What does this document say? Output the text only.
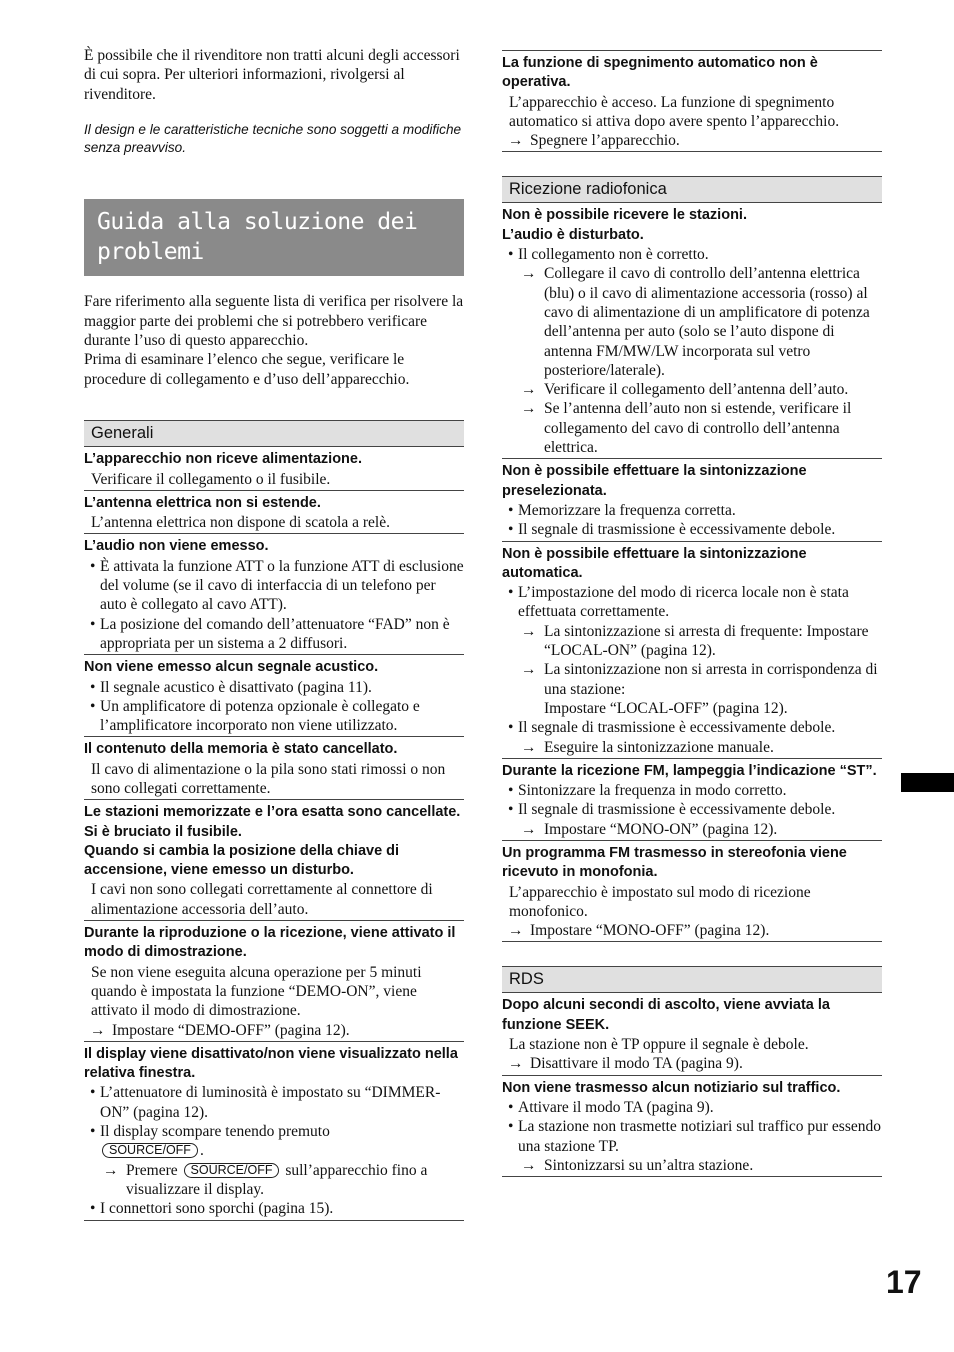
È possibile che il rivenditore non tratti alcuni degli accessori di cui sopra. Per ulteriori informazioni, rivolgersi al rivenditore.

Il design e le caratteristiche tecniche sono soggetti a modifiche senza preavviso.

Guida alla soluzione dei
problemi

Fare riferimento alla seguente lista di verifica per risolvere la maggior parte dei problemi che si potrebbero verificare durante l’uso di questo apparecchio.

Prima di esaminare l’elenco che segue, verificare le procedure di collegamento e d’uso dell’apparecchio.

Generali
L’apparecchio non riceve alimentazione.
Verificare il collegamento o il fusibile.
L’antenna elettrica non si estende.
L’antenna elettrica non dispone di scatola a relè.
L’audio non viene emesso.
• È attivata la funzione ATT o la funzione ATT di esclusione del volume (se il cavo di interfaccia di un telefono per auto è collegato al cavo ATT).
• La posizione del comando dell’attenuatore “FAD” non è appropriata per un sistema a 2 diffusori.
Non viene emesso alcun segnale acustico.
• Il segnale acustico è disattivato (pagina 11).
• Un amplificatore di potenza opzionale è collegato e l’amplificatore incorporato non viene utilizzato.
Il contenuto della memoria è stato cancellato.
Il cavo di alimentazione o la pila sono stati rimossi o non sono collegati correttamente.
Le stazioni memorizzate e l’ora esatta sono cancellate.
Si è bruciato il fusibile.
Quando si cambia la posizione della chiave di accensione, viene emesso un disturbo.
I cavi non sono collegati correttamente al connettore di alimentazione accessoria dell’auto.
Durante la riproduzione o la ricezione, viene attivato il modo di dimostrazione.
Se non viene eseguita alcuna operazione per 5 minuti quando è impostata la funzione “DEMO-ON”, viene attivato il modo di dimostrazione.
→ Impostare “DEMO-OFF” (pagina 12).
Il display viene disattivato/non viene visualizzato nella relativa finestra.
• L’attenuatore di luminosità è impostato su “DIMMER-ON” (pagina 12).
• Il display scompare tenendo premuto
SOURCE/OFF .
→ Premere SOURCE/OFF sull’apparecchio fino a visualizzare il display.
• I connettori sono sporchi (pagina 15).
La funzione di spegnimento automatico non è operativa.
L’apparecchio è acceso. La funzione di spegnimento automatico si attiva dopo avere spento l’apparecchio.
→ Spegnere l’apparecchio.
Ricezione radiofonica
Non è possibile ricevere le stazioni.
L’audio è disturbato.
• Il collegamento non è corretto.
→ Collegare il cavo di controllo dell’antenna elettrica (blu) o il cavo di alimentazione accessoria (rosso) al cavo di alimentazione di un amplificatore di potenza dell’antenna per auto (solo se l’auto dispone di antenna FM/MW/LW incorporata sul vetro posteriore/laterale).
→ Verificare il collegamento dell’antenna dell’auto.
→ Se l’antenna dell’auto non si estende, verificare il collegamento del cavo di controllo dell’antenna elettrica.
Non è possibile effettuare la sintonizzazione preselezionata.
• Memorizzare la frequenza corretta.
• Il segnale di trasmissione è eccessivamente debole.
Non è possibile effettuare la sintonizzazione automatica.
• L’impostazione del modo di ricerca locale non è stata effettuata correttamente.
→ La sintonizzazione si arresta di frequente: Impostare “LOCAL-ON” (pagina 12).
→ La sintonizzazione non si arresta in corrispondenza di una stazione:
Impostare “LOCAL-OFF” (pagina 12).
• Il segnale di trasmissione è eccessivamente debole.
→ Eseguire la sintonizzazione manuale.
Durante la ricezione FM, lampeggia l’indicazione “ST”.
• Sintonizzare la frequenza in modo corretto.
• Il segnale di trasmissione è eccessivamente debole.
→ Impostare “MONO-ON” (pagina 12).
Un programma FM trasmesso in stereofonia viene ricevuto in monofonia.
L’apparecchio è impostato sul modo di ricezione monofonico.
→ Impostare “MONO-OFF” (pagina 12).
RDS
Dopo alcuni secondi di ascolto, viene avviata la funzione SEEK.
La stazione non è TP oppure il segnale è debole.
→ Disattivare il modo TA (pagina 9).
Non viene trasmesso alcun notiziario sul traffico.
• Attivare il modo TA (pagina 9).
• La stazione non trasmette notiziari sul traffico pur essendo una stazione TP.
→ Sintonizzarsi su un’altra stazione.
17
